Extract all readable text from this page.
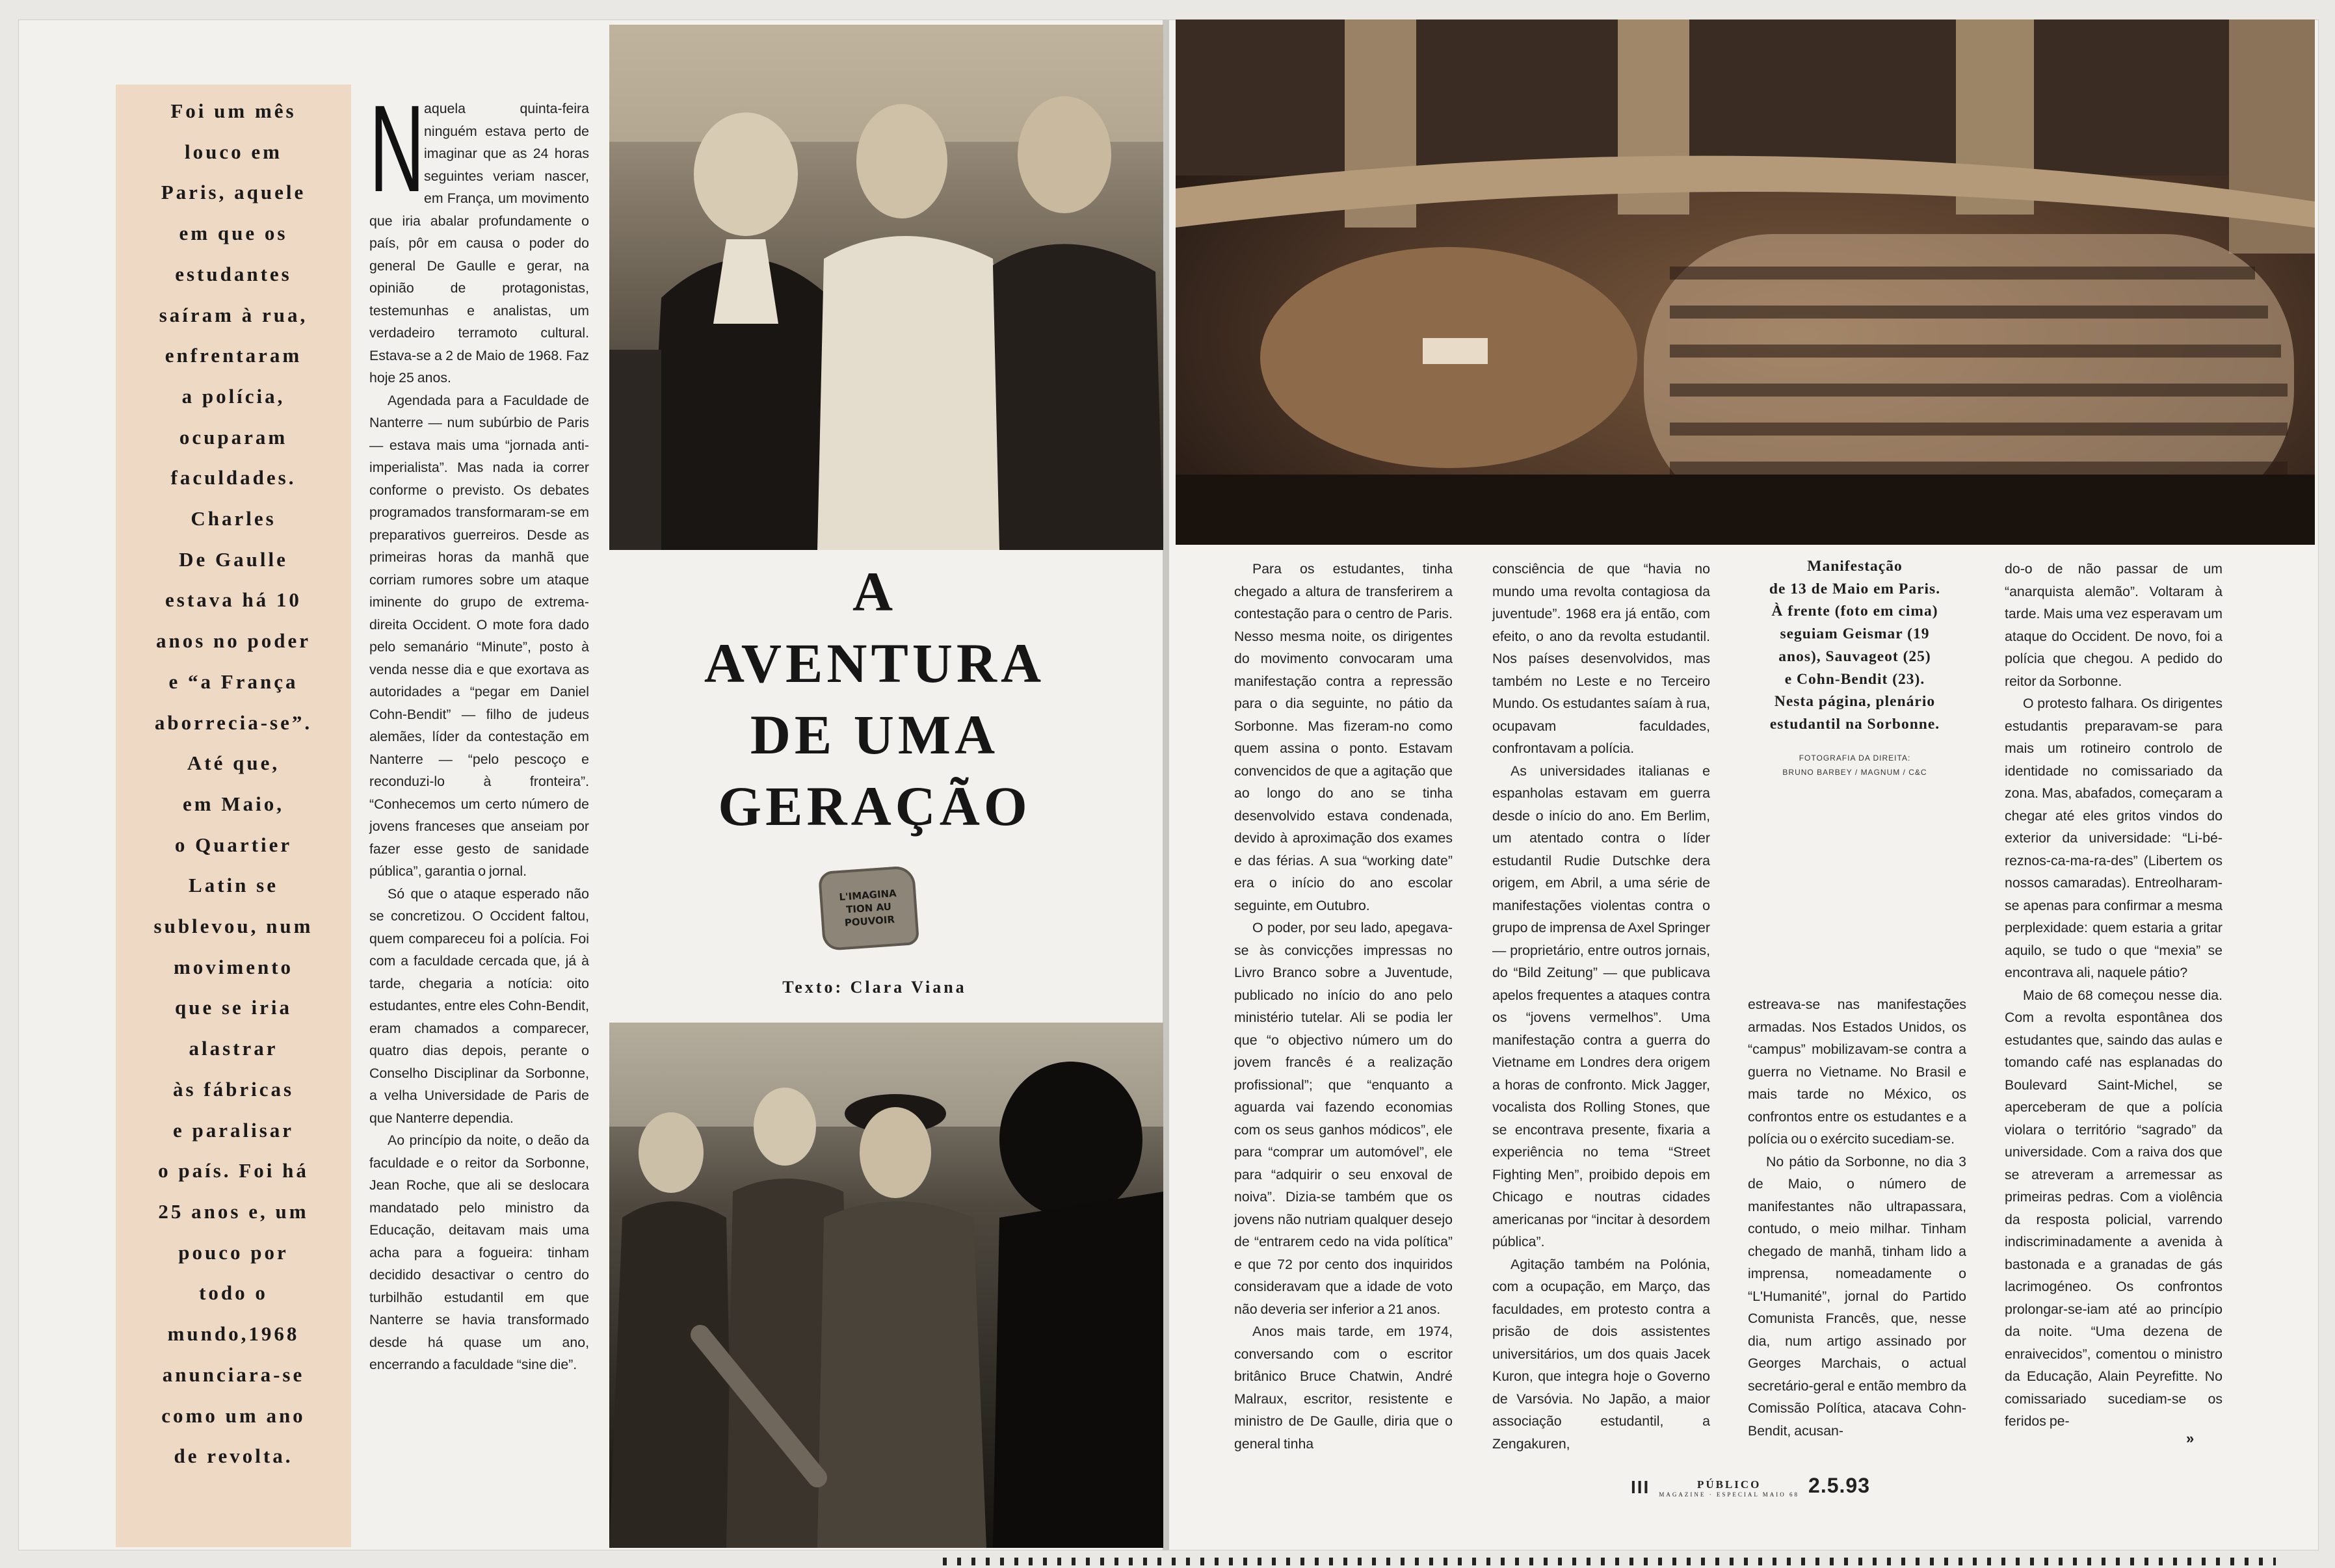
Foi um mês
louco em
Paris, aquele
em que os
estudantes
saíram à rua,
enfrentaram
a polícia,
ocuparam
faculdades.
Charles
De Gaulle
estava há 10
anos no poder
e “a França
aborrecia-se”.
Até que,
em Maio,
o Quartier
Latin se
sublevou, num
movimento
que se iria
alastrar
às fábricas
e paralisar
o país. Foi há
25 anos e, um
pouco por
todo o
mundo,1968
anunciara-se
como um ano
de revolta.

N
aquela quinta-feira ninguém estava perto de imaginar que as 24 horas seguintes veriam nascer, em França, um movimento que iria abalar profundamente o país, pôr em causa o poder do general De Gaulle e gerar, na opinião de protagonistas, testemunhas e analistas, um verdadeiro terramoto cultural. Estava-se a 2 de Maio de 1968. Faz hoje 25 anos.

Agendada para a Faculdade de Nanterre — num subúrbio de Paris — estava mais uma “jornada anti-imperialista”. Mas nada ia correr conforme o previsto. Os debates programados transformaram-se em preparativos guerreiros. Desde as primeiras horas da manhã que corriam rumores sobre um ataque iminente do grupo de extrema-direita Occident. O mote fora dado pelo semanário “Minute”, posto à venda nesse dia e que exortava as autoridades a “pegar em Daniel Cohn-Bendit” — filho de judeus alemães, líder da contestação em Nanterre — “pelo pescoço e reconduzi-lo à fronteira”. “Conhecemos um certo número de jovens franceses que anseiam por fazer esse gesto de sanidade pública”, garantia o jornal.

Só que o ataque esperado não se concretizou. O Occident faltou, quem compareceu foi a polícia. Foi com a faculdade cercada que, já à tarde, chegaria a notícia: oito estudantes, entre eles Cohn-Bendit, eram chamados a comparecer, quatro dias depois, perante o Conselho Disciplinar da Sorbonne, a velha Universidade de Paris de que Nanterre dependia.

Ao princípio da noite, o deão da faculdade e o reitor da Sorbonne, Jean Roche, que ali se deslocara mandatado pelo ministro da Educação, deitavam mais uma acha para a fogueira: tinham decidido desactivar o centro do turbilhão estudantil em que Nanterre se havia transformado desde há quase um ano, encerrando a faculdade “sine die”.

A
AVENTURA
DE UMA
GERAÇÃO
L'IMAGINA
TION AU
POUVOIR
Texto: Clara Viana

Para os estudantes, tinha chegado a altura de transferirem a contestação para o centro de Paris. Nesso mesma noite, os dirigentes do movimento convocaram uma manifestação contra a repressão para o dia seguinte, no pátio da Sorbonne. Mas fizeram-no como quem assina o ponto. Estavam convencidos de que a agitação que ao longo do ano se tinha desenvolvido estava condenada, devido à aproximação dos exames e das férias. A sua “working date” era o início do ano escolar seguinte, em Outubro.

O poder, por seu lado, apegava-se às convicções impressas no Livro Branco sobre a Juventude, publicado no início do ano pelo ministério tutelar. Ali se podia ler que “o objectivo número um do jovem francês é a realização profissional”; que “enquanto a aguarda vai fazendo economias com os seus ganhos módicos”, ele para “comprar um automóvel”, ele para “adquirir o seu enxoval de noiva”. Dizia-se também que os jovens não nutriam qualquer desejo de “entrarem cedo na vida política” e que 72 por cento dos inquiridos consideravam que a idade de voto não deveria ser inferior a 21 anos.

Anos mais tarde, em 1974, conversando com o escritor britânico Bruce Chatwin, André Malraux, escritor, resistente e ministro de De Gaulle, diria que o general tinha

consciência de que “havia no mundo uma revolta contagiosa da juventude”. 1968 era já então, com efeito, o ano da revolta estudantil. Nos países desenvolvidos, mas também no Leste e no Terceiro Mundo. Os estudantes saíam à rua, ocupavam faculdades, confrontavam a polícia.

As universidades italianas e espanholas estavam em guerra desde o início do ano. Em Berlim, um atentado contra o líder estudantil Rudie Dutschke dera origem, em Abril, a uma série de manifestações violentas contra o grupo de imprensa de Axel Springer — proprietário, entre outros jornais, do “Bild Zeitung” — que publicava apelos frequentes a ataques contra os “jovens vermelhos”. Uma manifestação contra a guerra do Vietname em Londres dera origem a horas de confronto. Mick Jagger, vocalista dos Rolling Stones, que se encontrava presente, fixaria a experiência no tema “Street Fighting Men”, proibido depois em Chicago e noutras cidades americanas por “incitar à desordem pública”.

Agitação também na Polónia, com a ocupação, em Março, das faculdades, em protesto contra a prisão de dois assistentes universitários, um dos quais Jacek Kuron, que integra hoje o Governo de Varsóvia. No Japão, a maior associação estudantil, a Zengakuren,

Manifestação
de 13 de Maio em Paris.
À frente (foto em cima)
seguiam Geismar (19
anos), Sauvageot (25)
e Cohn-Bendit (23).
Nesta página, plenário
estudantil na Sorbonne.
FOTOGRAFIA DA DIREITA:
BRUNO BARBEY / MAGNUM / C&C

estreava-se nas manifestações armadas. Nos Estados Unidos, os “campus” mobilizavam-se contra a guerra no Vietname. No Brasil e mais tarde no México, os confrontos entre os estudantes e a polícia ou o exército sucediam-se.

No pátio da Sorbonne, no dia 3 de Maio, o número de manifestantes não ultrapassara, contudo, o meio milhar. Tinham chegado de manhã, tinham lido a imprensa, nomeadamente o “L'Humanité”, jornal do Partido Comunista Francês, que, nesse dia, num artigo assinado por Georges Marchais, o actual secretário-geral e então membro da Comissão Política, atacava Cohn-Bendit, acusan-

do-o de não passar de um “anarquista alemão”. Voltaram à tarde. Mais uma vez esperavam um ataque do Occident. De novo, foi a polícia que chegou. A pedido do reitor da Sorbonne.

O protesto falhara. Os dirigentes estudantis preparavam-se para mais um rotineiro controlo de identidade no comissariado da zona. Mas, abafados, começaram a chegar até eles gritos vindos do exterior da universidade: “Li-bé-reznos-ca-ma-ra-des” (Libertem os nossos camaradas). Entreolharam-se apenas para confirmar a mesma perplexidade: quem estaria a gritar aquilo, se tudo o que “mexia” se encontrava ali, naquele pátio?

Maio de 68 começou nesse dia. Com a revolta espontânea dos estudantes que, saindo das aulas e tomando café nas esplanadas do Boulevard Saint-Michel, se aperceberam de que a polícia violara o território “sagrado” da universidade. Com a raiva dos que se atreveram a arremessar as primeiras pedras. Com a violência da resposta policial, varrendo indiscriminadamente a avenida à bastonada e a granadas de gás lacrimogéneo. Os confrontos prolongar-se-iam até ao princípio da noite. “Uma dezena de enraivecidos”, comentou o ministro da Educação, Alain Peyrefitte. No comissariado sucediam-se os feridos pe-

»
III	PÚBLICO
MAGAZINE · ESPECIAL MAIO 68 2.5.93
